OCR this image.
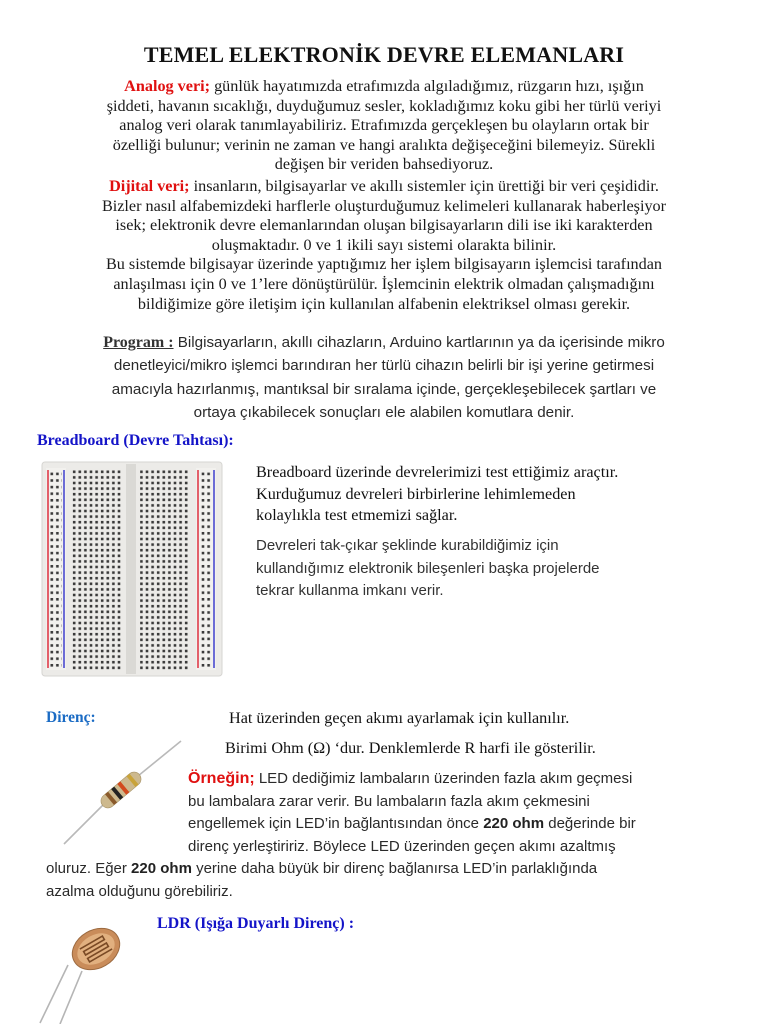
TEMEL ELEKTRONİK DEVRE ELEMANLARI
Analog veri; günlük hayatımızda etrafımızda algıladığımız, rüzgarın hızı, ışığın
şiddeti, havanın sıcaklığı, duyduğumuz sesler, kokladığımız koku gibi her türlü veriyi
analog veri olarak tanımlayabiliriz. Etrafımızda gerçekleşen bu olayların ortak bir
özelliği bulunur; verinin ne zaman ve hangi aralıkta değişeceğini bilemeyiz. Sürekli
değişen bir veriden bahsediyoruz.
Dijital veri; insanların, bilgisayarlar ve akıllı sistemler için ürettiği bir veri çeşididir.
Bizler nasıl alfabemizdeki harflerle oluşturduğumuz kelimeleri kullanarak haberleşiyor
isek; elektronik devre elemanlarından oluşan bilgisayarların dili ise iki karakterden
oluşmaktadır. 0 ve 1 ikili sayı sistemi olarakta bilinir.
Bu sistemde bilgisayar üzerinde yaptığımız her işlem bilgisayarın işlemcisi tarafından
anlaşılması için 0 ve 1’lere dönüştürülür. İşlemcinin elektrik olmadan çalışmadığını
bildiğimize göre iletişim için kullanılan alfabenin elektriksel olması gerekir.
Program : Bilgisayarların, akıllı cihazların, Arduino kartlarının ya da içerisinde mikro
denetleyici/mikro işlemci barındıran her türlü cihazın belirli bir işi yerine getirmesi
amacıyla hazırlanmış, mantıksal bir sıralama içinde, gerçekleşebilecek şartları ve
ortaya çıkabilecek sonuçları ele alabilen komutlara denir.
Breadboard (Devre Tahtası):
Breadboard üzerinde devrelerimizi test ettiğimiz araçtır.
Kurduğumuz devreleri birbirlerine lehimlemeden
kolaylıkla test etmemizi sağlar.
Devreleri tak-çıkar şeklinde kurabildiğimiz için
kullandığımız elektronik bileşenleri başka projelerde
tekrar kullanma imkanı verir.
Direnç:	Hat üzerinden geçen akımı ayarlamak için kullanılır.
Birimi Ohm (Ω) ‘dur. Denklemlerde R harfi ile gösterilir.
Örneğin; LED dediğimiz lambaların üzerinden fazla akım geçmesi
bu lambalara zarar verir. Bu lambaların fazla akım çekmesini
engellemek için LED’in bağlantısından önce 220 ohm değerinde bir
direnç yerleştiririz. Böylece LED üzerinden geçen akımı azaltmış
oluruz. Eğer 220 ohm yerine daha büyük bir direnç bağlanırsa LED’in parlaklığında
azalma olduğunu görebiliriz.
LDR (Işığa Duyarlı Direnç) :
